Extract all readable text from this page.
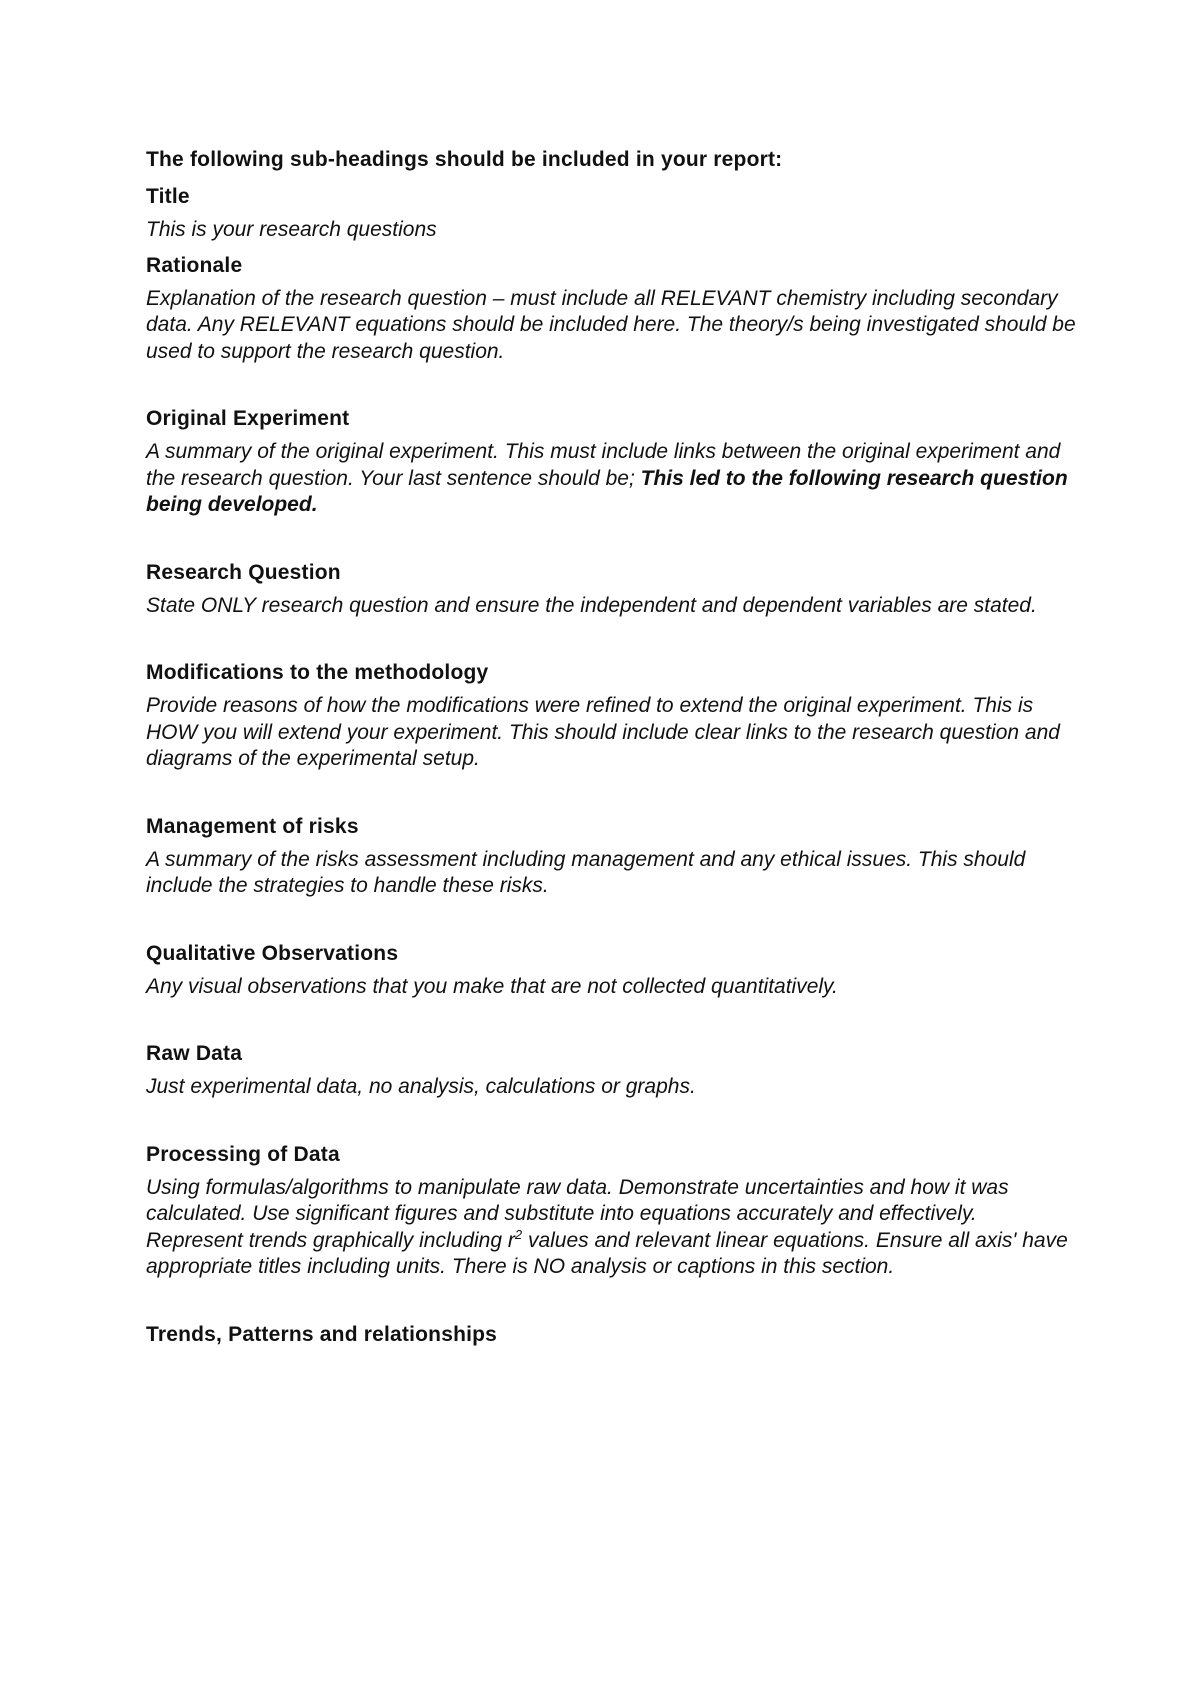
The following sub-headings should be included in your report:
Title
This is your research questions
Rationale
Explanation of the research question – must include all RELEVANT chemistry including secondary data. Any RELEVANT equations should be included here. The theory/s being investigated should be used to support the research question.
Original Experiment
A summary of the original experiment. This must include links between the original experiment and the research question. Your last sentence should be; This led to the following research question being developed.
Research Question
State ONLY research question and ensure the independent and dependent variables are stated.
Modifications to the methodology
Provide reasons of how the modifications were refined to extend the original experiment. This is HOW you will extend your experiment. This should include clear links to the research question and diagrams of the experimental setup.
Management of risks
A summary of the risks assessment including management and any ethical issues. This should include the strategies to handle these risks.
Qualitative Observations
Any visual observations that you make that are not collected quantitatively.
Raw Data
Just experimental data, no analysis, calculations or graphs.
Processing of Data
Using formulas/algorithms to manipulate raw data. Demonstrate uncertainties and how it was calculated. Use significant figures and substitute into equations accurately and effectively. Represent trends graphically including $r^2$ values and relevant linear equations. Ensure all axis' have appropriate titles including units. There is NO analysis or captions in this section.
Trends, Patterns and relationships
